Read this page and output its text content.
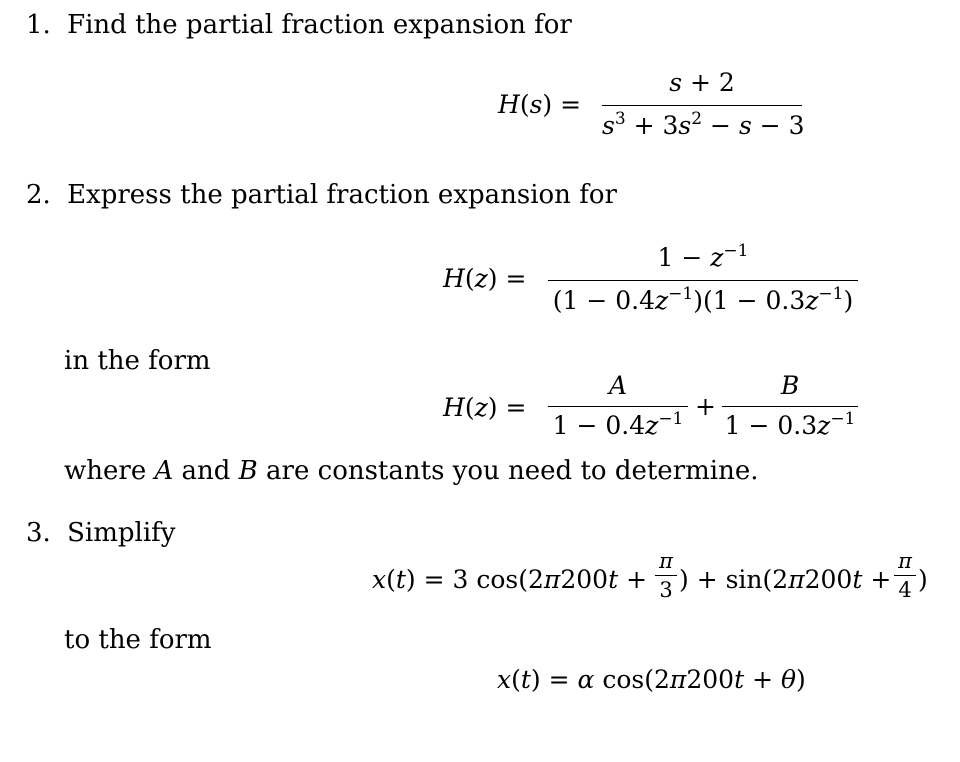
1. Find the partial fraction expansion for
H(s) =
s + 2
$s^3 + 3s^2 - s - 3$
2. Express the partial fraction expansion for
H(z) =
$1 - z^{-1}$
$(1 - 0.4z^{-1})(1 - 0.3z^{-1})$
in the form
H(z) =
A
$1 - 0.4z^{-1}$ +
B
$1 - 0.3z^{-1}$
where A and B are constants you need to determine.
3. Simplify
x(t) = 3 cos(2π200t +
π
3 ) + sin(2π200t +
π
4 )
to the form
x(t) = α cos(2π200t + θ)
